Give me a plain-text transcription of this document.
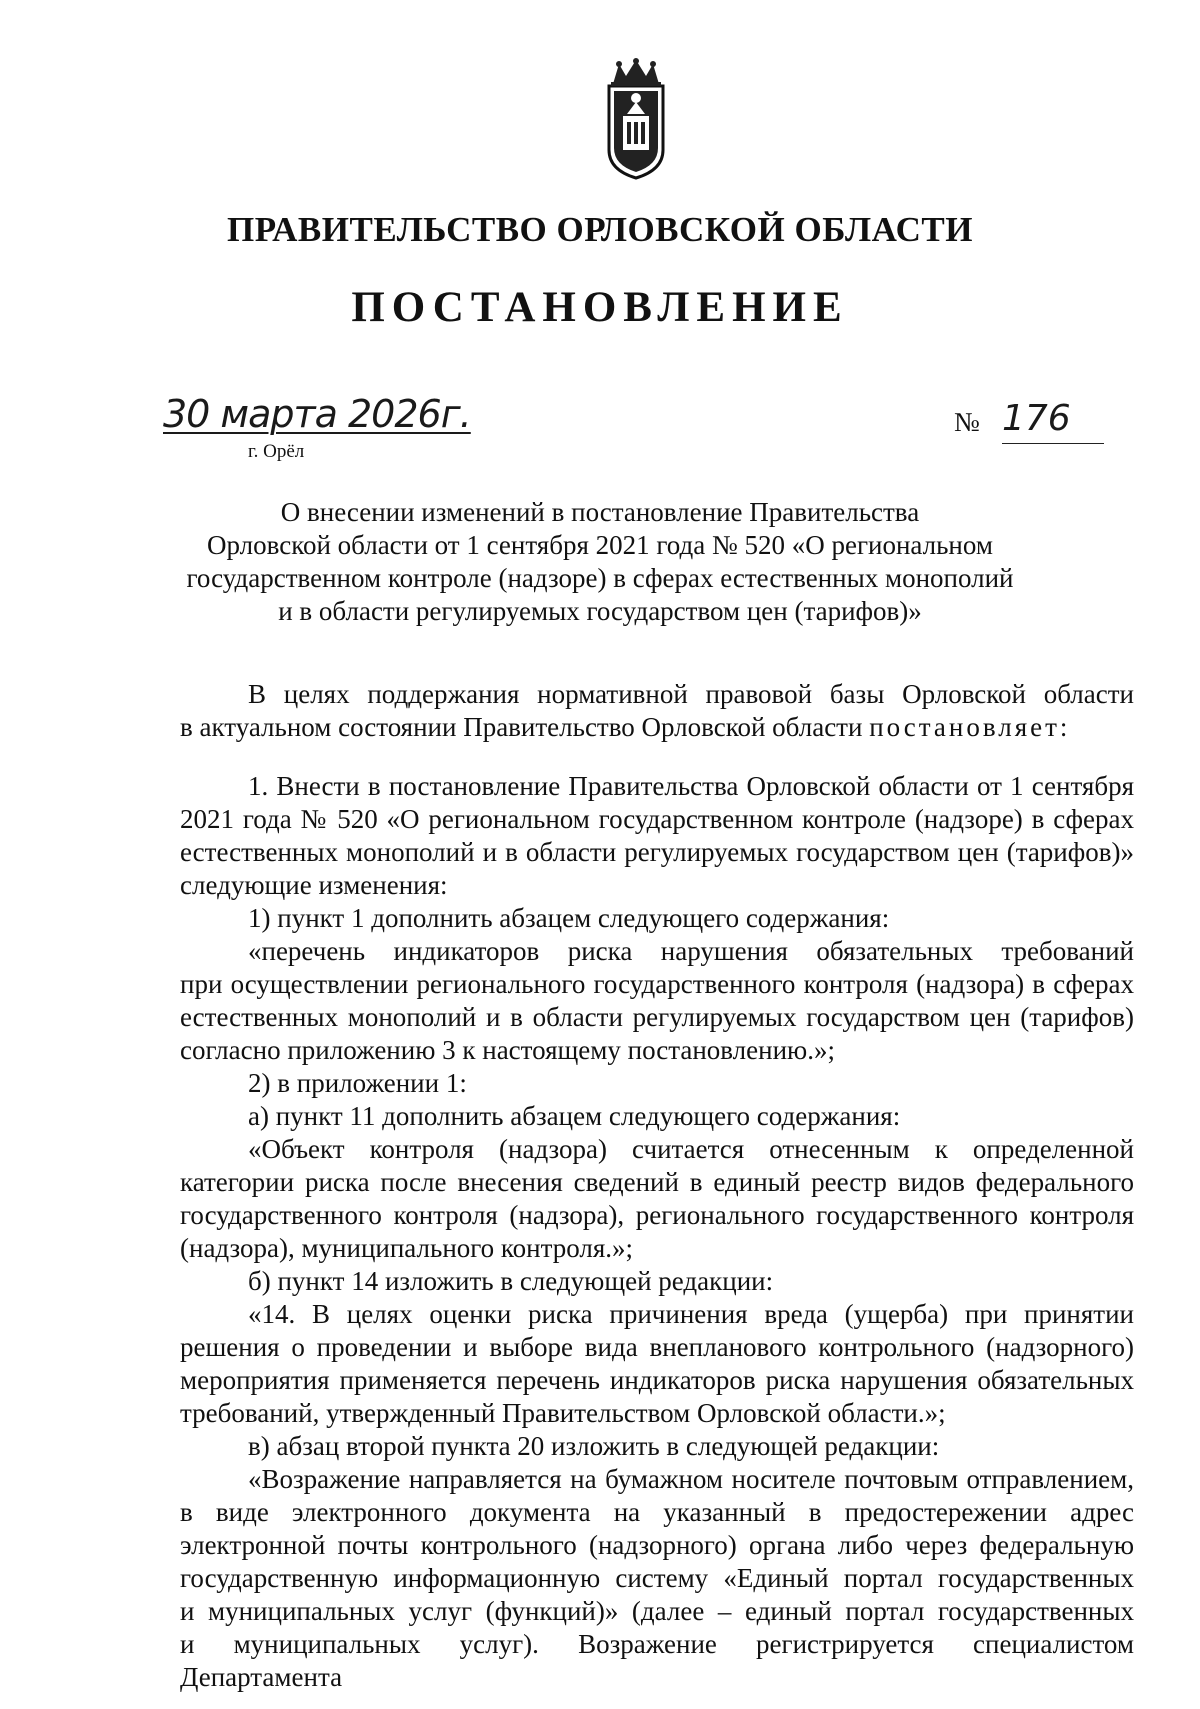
ПРАВИТЕЛЬСТВО ОРЛОВСКОЙ ОБЛАСТИ
ПОСТАНОВЛЕНИЕ
30 марта 2026г.
г. Орёл
№ 176
О внесении изменений в постановление Правительства
Орловской области от 1 сентября 2021 года № 520 «О региональном
государственном контроле (надзоре) в сферах естественных монополий
и в области регулируемых государством цен (тарифов)»

В целях поддержания нормативной правовой базы Орловской области

в актуальном состоянии Правительство Орловской области постановляет:

1. Внести в постановление Правительства Орловской области от 1 сентября

2021 года № 520 «О региональном государственном контроле (надзоре) в сферах

естественных монополий и в области регулируемых государством цен (тарифов)»

следующие изменения:

1) пункт 1 дополнить абзацем следующего содержания:

«перечень индикаторов риска нарушения обязательных требований

при осуществлении регионального государственного контроля (надзора) в сферах

естественных монополий и в области регулируемых государством цен (тарифов)

согласно приложению 3 к настоящему постановлению.»;

2) в приложении 1:

а) пункт 11 дополнить абзацем следующего содержания:

«Объект контроля (надзора) считается отнесенным к определенной

категории риска после внесения сведений в единый реестр видов федерального

государственного контроля (надзора), регионального государственного контроля

(надзора), муниципального контроля.»;

б) пункт 14 изложить в следующей редакции:

«14. В целях оценки риска причинения вреда (ущерба) при принятии

решения о проведении и выборе вида внепланового контрольного (надзорного)

мероприятия применяется перечень индикаторов риска нарушения обязательных

требований, утвержденный Правительством Орловской области.»;

в) абзац второй пункта 20 изложить в следующей редакции:

«Возражение направляется на бумажном носителе почтовым отправлением,

в виде электронного документа на указанный в предостережении адрес

электронной почты контрольного (надзорного) органа либо через федеральную

государственную информационную систему «Единый портал государственных

и муниципальных услуг (функций)» (далее – единый портал государственных

и муниципальных услуг). Возражение регистрируется специалистом Департамента
